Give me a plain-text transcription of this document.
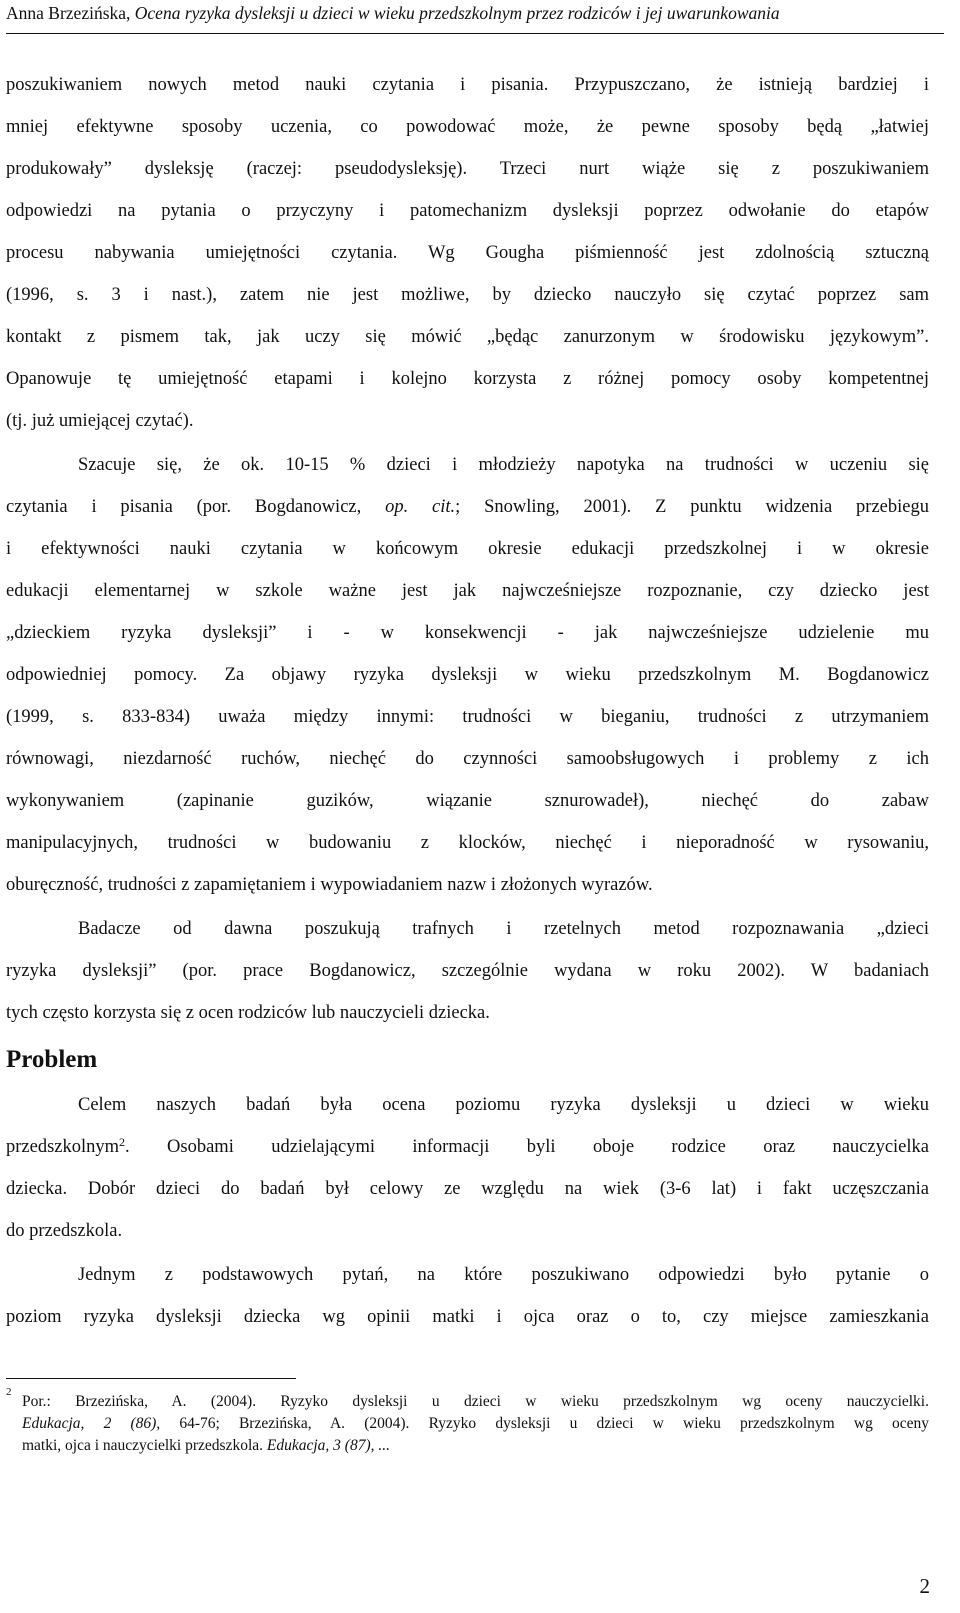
Anna Brzezińska, Ocena ryzyka dysleksji u dzieci w wieku przedszkolnym przez rodziców i jej uwarunkowania
poszukiwaniem nowych metod nauki czytania i pisania. Przypuszczano, że istnieją bardziej i
mniej efektywne sposoby uczenia, co powodować może, że pewne sposoby będą „łatwiej
produkowały” dysleksję (raczej: pseudodysleksję). Trzeci nurt wiąże się z poszukiwaniem
odpowiedzi na pytania o przyczyny i patomechanizm dysleksji poprzez odwołanie do etapów
procesu nabywania umiejętności czytania. Wg Gougha piśmienność jest zdolnością sztuczną
(1996, s. 3 i nast.), zatem nie jest możliwe, by dziecko nauczyło się czytać poprzez sam
kontakt z pismem tak, jak uczy się mówić „będąc zanurzonym w środowisku językowym”.
Opanowuje tę umiejętność etapami i kolejno korzysta z różnej pomocy osoby kompetentnej
(tj. już umiejącej czytać).
Szacuje się, że ok. 10-15 % dzieci i młodzieży napotyka na trudności w uczeniu się
czytania i pisania (por. Bogdanowicz, op. cit.; Snowling, 2001). Z punktu widzenia przebiegu
i efektywności nauki czytania w końcowym okresie edukacji przedszkolnej i w okresie
edukacji elementarnej w szkole ważne jest jak najwcześniejsze rozpoznanie, czy dziecko jest
„dzieckiem ryzyka dysleksji” i - w konsekwencji - jak najwcześniejsze udzielenie mu
odpowiedniej pomocy. Za objawy ryzyka dysleksji w wieku przedszkolnym M. Bogdanowicz
(1999, s. 833-834) uważa między innymi: trudności w bieganiu, trudności z utrzymaniem
równowagi, niezdarność ruchów, niechęć do czynności samoobsługowych i problemy z ich
wykonywaniem (zapinanie guzików, wiązanie sznurowadeł), niechęć do zabaw
manipulacyjnych, trudności w budowaniu z klocków, niechęć i nieporadność w rysowaniu,
oburęczność, trudności z zapamiętaniem i wypowiadaniem nazw i złożonych wyrazów.
Badacze od dawna poszukują trafnych i rzetelnych metod rozpoznawania „dzieci
ryzyka dysleksji” (por. prace Bogdanowicz, szczególnie wydana w roku 2002). W badaniach
tych często korzysta się z ocen rodziców lub nauczycieli dziecka.
Problem
Celem naszych badań była ocena poziomu ryzyka dysleksji u dzieci w wieku
przedszkolnym$^2$. Osobami udzielającymi informacji byli oboje rodzice oraz nauczycielka
dziecka. Dobór dzieci do badań był celowy ze względu na wiek (3-6 lat) i fakt uczęszczania
do przedszkola.
Jednym z podstawowych pytań, na które poszukiwano odpowiedzi było pytanie o
poziom ryzyka dysleksji dziecka wg opinii matki i ojca oraz o to, czy miejsce zamieszkania
2
Por.: Brzezińska, A. (2004). Ryzyko dysleksji u dzieci w wieku przedszkolnym wg oceny nauczycielki.
Edukacja, 2 (86), 64-76; Brzezińska, A. (2004). Ryzyko dysleksji u dzieci w wieku przedszkolnym wg oceny
matki, ojca i nauczycielki przedszkola. Edukacja, 3 (87), ...
2
